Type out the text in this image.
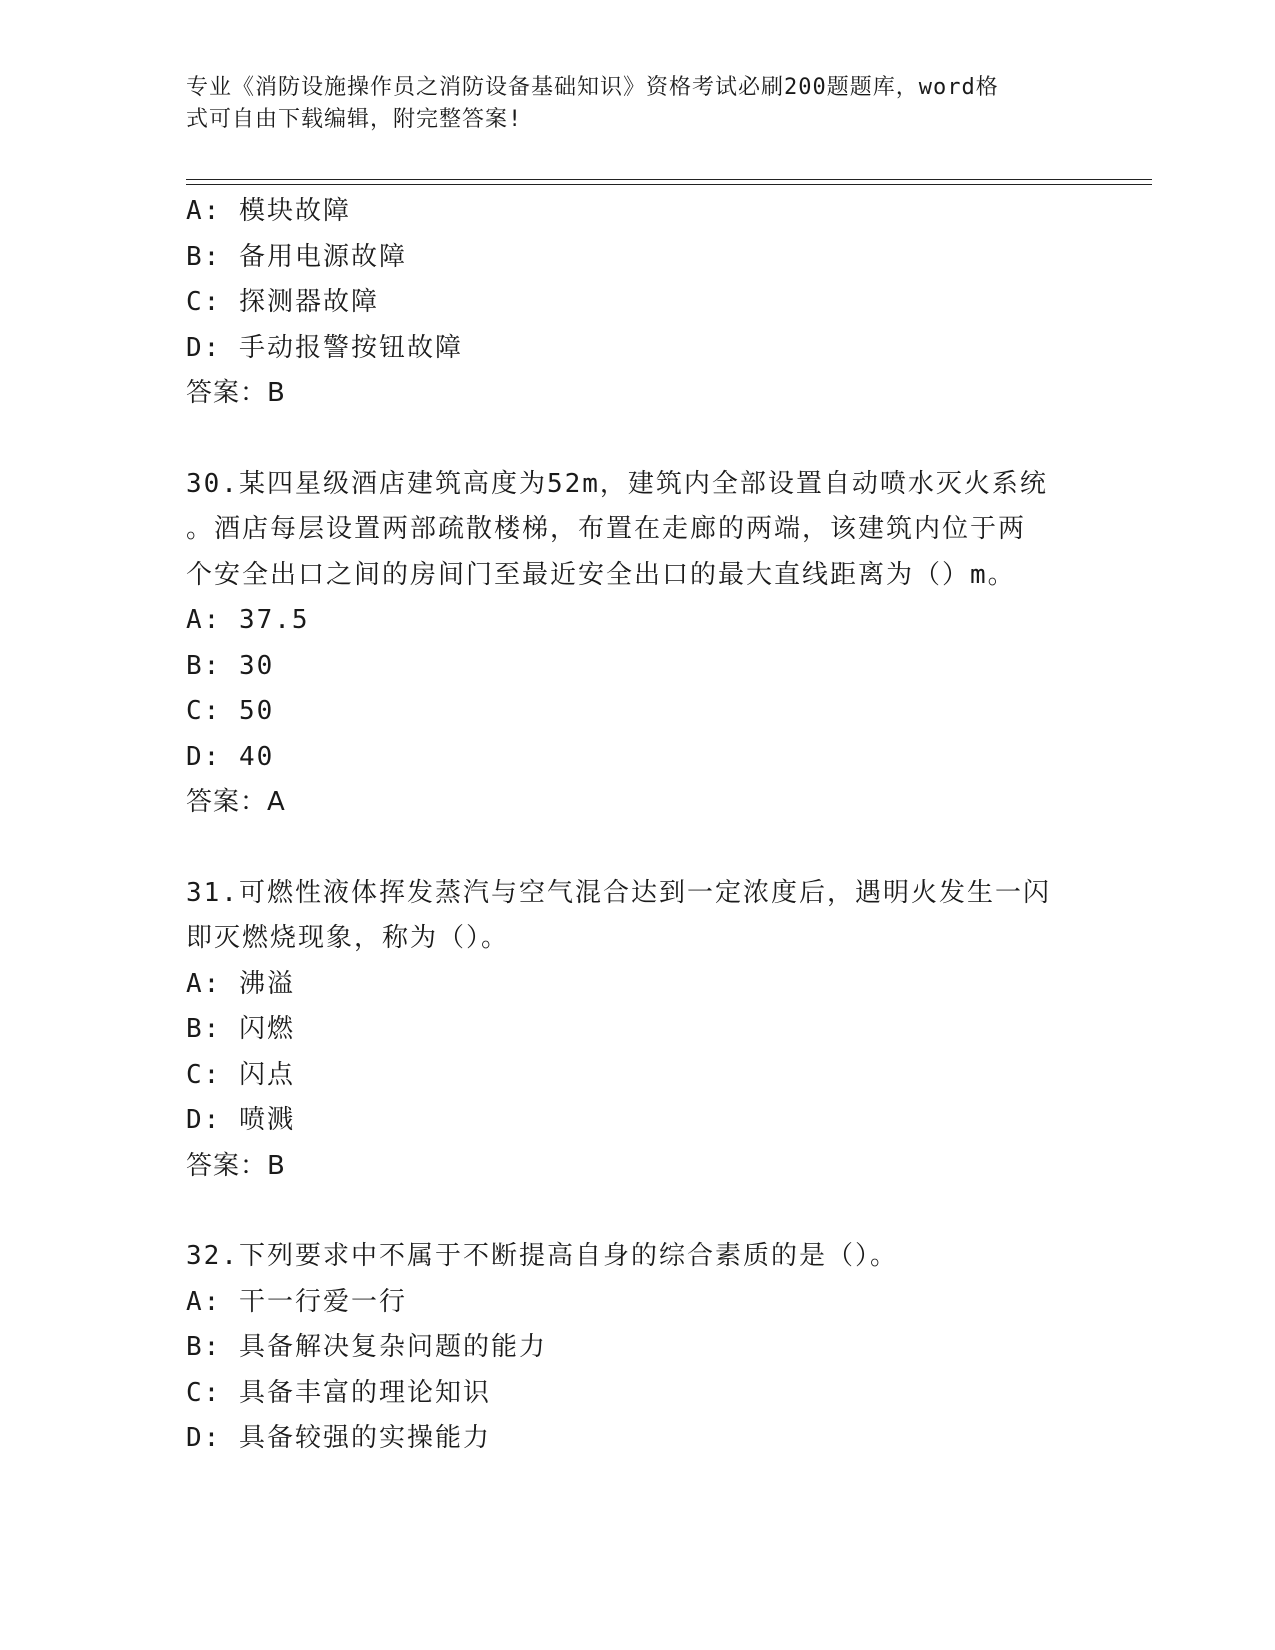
专业《消防设施操作员之消防设备基础知识》资格考试必刷200题题库，word格
式可自由下载编辑，附完整答案!
A: 模块故障
B: 备用电源故障
C: 探测器故障
D: 手动报警按钮故障
答案：B
30.某四星级酒店建筑高度为52m，建筑内全部设置自动喷水灭火系统
。酒店每层设置两部疏散楼梯，布置在走廊的两端，该建筑内位于两
个安全出口之间的房间门至最近安全出口的最大直线距离为（）m。
A: 37.5
B: 30
C: 50
D: 40
答案：A
31.可燃性液体挥发蒸汽与空气混合达到一定浓度后，遇明火发生一闪
即灭燃烧现象，称为（）。
A: 沸溢
B: 闪燃
C: 闪点
D: 喷溅
答案：B
32.下列要求中不属于不断提高自身的综合素质的是（）。
A: 干一行爱一行
B: 具备解决复杂问题的能力
C: 具备丰富的理论知识
D: 具备较强的实操能力
